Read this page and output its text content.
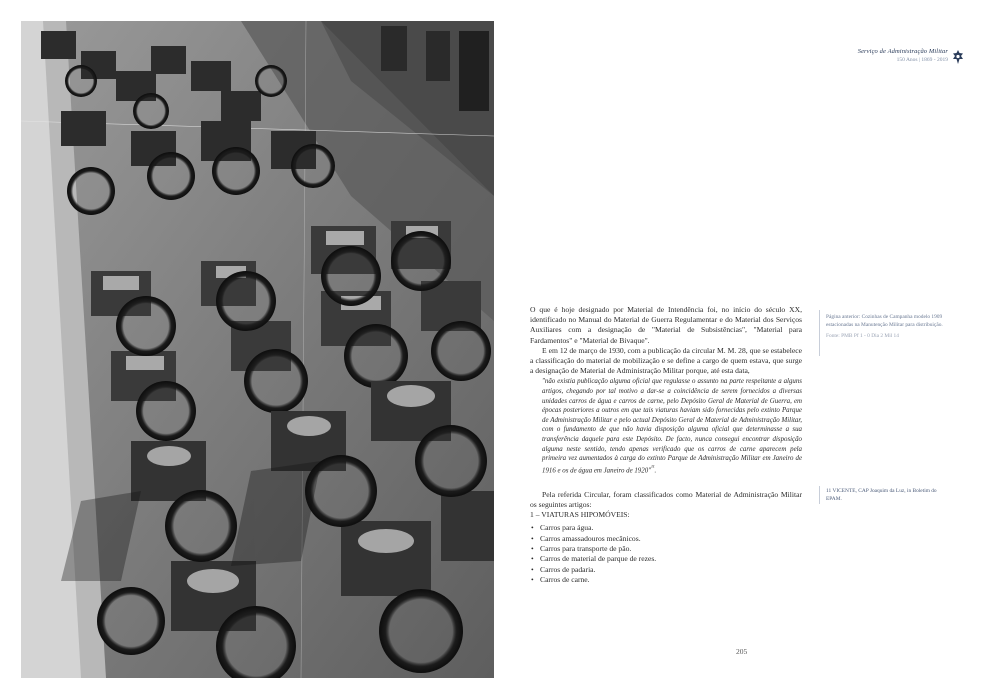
Serviço de Administração Militar
150 Anos | 1869 - 2019

O que é hoje designado por Material de Intendência foi, no início do século XX, identificado no Manual do Material de Guerra Regulamentar e do Material dos Serviços Auxiliares com a designação de "Material de Subsistências", "Material para Fardamentos" e "Material de Bivaque".

E em 12 de março de 1930, com a publicação da circular M. M. 28, que se estabelece a classificação do material de mobilização e se define a cargo de quem estava, que surge a designação de Material de Administração Militar porque, até esta data,

"não existia publicação alguma oficial que regulasse o assunto na parte respeitante a alguns artigos, chegando por tal motivo a dar-se a coincidência de serem fornecidos a diversas unidades carros de água e carros de carne, pelo Depósito Geral de Material de Guerra, em épocas posteriores a outros em que tais viaturas haviam sido fornecidas pelo extinto Parque de Administração Militar e pelo actual Depósito Geral de Material de Administração Militar, com o fundamento de que não havia disposição alguma oficial que determinasse a sua transferência daquele para este Depósito. De facto, nunca consegui encontrar disposição alguma neste sentido, tendo apenas verificado que os carros de carne aparecem pela primeira vez aumentados à carga do extinto Parque de Administração Militar em Janeiro de 1916 e os de água em Janeiro de 1920"$^{^{11}}$.

Pela referida Circular, foram classificados como Material de Administração Militar os seguintes artigos:

1 – VIATURAS HIPOMÓVEIS:

• Carros para água.
• Carros amassadouros mecânicos.
• Carros para transporte de pão.
• Carros de material de parque de rezes.
• Carros de padaria.
• Carros de carne.
Página anterior: Cozinhas de Campanha modelo 1909 estacionadas na Manutenção Militar para distribuição.
Fonte: PMB Pf 1 - 0 Dia 2 Mil 14
11 VICENTE, CAP Joaquim da Luz, in Boletim do EPAM.
205
